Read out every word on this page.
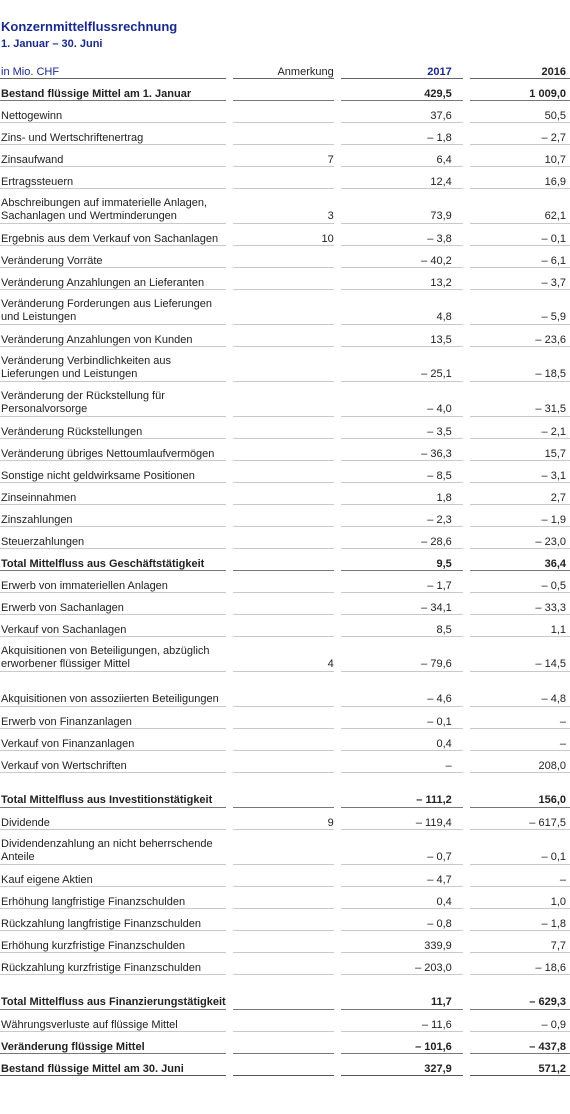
Konzernmittelflussrechnung
1. Januar – 30. Juni
in Mio. CHF		Anmerkung		2017		2016
Bestand flüssige Mittel am 1. Januar				429,5		1 009,0
Nettogewinn				37,6		50,5
Zins- und Wertschriftenertrag				– 1,8		– 2,7
Zinsaufwand		7		6,4		10,7
Ertragssteuern				12,4		16,9
Abschreibungen auf immaterielle Anlagen, Sachanlagen und Wertminderungen		3		73,9		62,1
Ergebnis aus dem Verkauf von Sachanlagen		10		– 3,8		– 0,1
Veränderung Vorräte				– 40,2		– 6,1
Veränderung Anzahlungen an Lieferanten				13,2		– 3,7
Veränderung Forderungen aus Lieferungen und Leistungen				4,8		– 5,9
Veränderung Anzahlungen von Kunden				13,5		– 23,6
Veränderung Verbindlichkeiten aus Lieferungen und Leistungen				– 25,1		– 18,5
Veränderung der Rückstellung für Personalvorsorge				– 4,0		– 31,5
Veränderung Rückstellungen				– 3,5		– 2,1
Veränderung übriges Nettoumlaufvermögen				– 36,3		15,7
Sonstige nicht geldwirksame Positionen				– 8,5		– 3,1
Zinseinnahmen				1,8		2,7
Zinszahlungen				– 2,3		– 1,9
Steuerzahlungen				– 28,6		– 23,0
Total Mittelfluss aus Geschäftstätigkeit				9,5		36,4
Erwerb von immateriellen Anlagen				– 1,7		– 0,5
Erwerb von Sachanlagen				– 34,1		– 33,3
Verkauf von Sachanlagen				8,5		1,1
Akquisitionen von Beteiligungen, abzüglich erworbener flüssiger Mittel		4		– 79,6		– 14,5
Akquisitionen von assoziierten Beteiligungen				– 4,6		– 4,8
Erwerb von Finanzanlagen				– 0,1		–
Verkauf von Finanzanlagen				0,4		–
Verkauf von Wertschriften				–		208,0
Total Mittelfluss aus Investitionstätigkeit				– 111,2		156,0
Dividende		9		– 119,4		– 617,5
Dividendenzahlung an nicht beherrschende Anteile				– 0,7		– 0,1
Kauf eigene Aktien				– 4,7		–
Erhöhung langfristige Finanzschulden				0,4		1,0
Rückzahlung langfristige Finanzschulden				– 0,8		– 1,8
Erhöhung kurzfristige Finanzschulden				339,9		7,7
Rückzahlung kurzfristige Finanzschulden				– 203,0		– 18,6
Total Mittelfluss aus Finanzierungstätigkeit				11,7		– 629,3
Währungsverluste auf flüssige Mittel				– 11,6		– 0,9
Veränderung flüssige Mittel				– 101,6		– 437,8
Bestand flüssige Mittel am 30. Juni				327,9		571,2
